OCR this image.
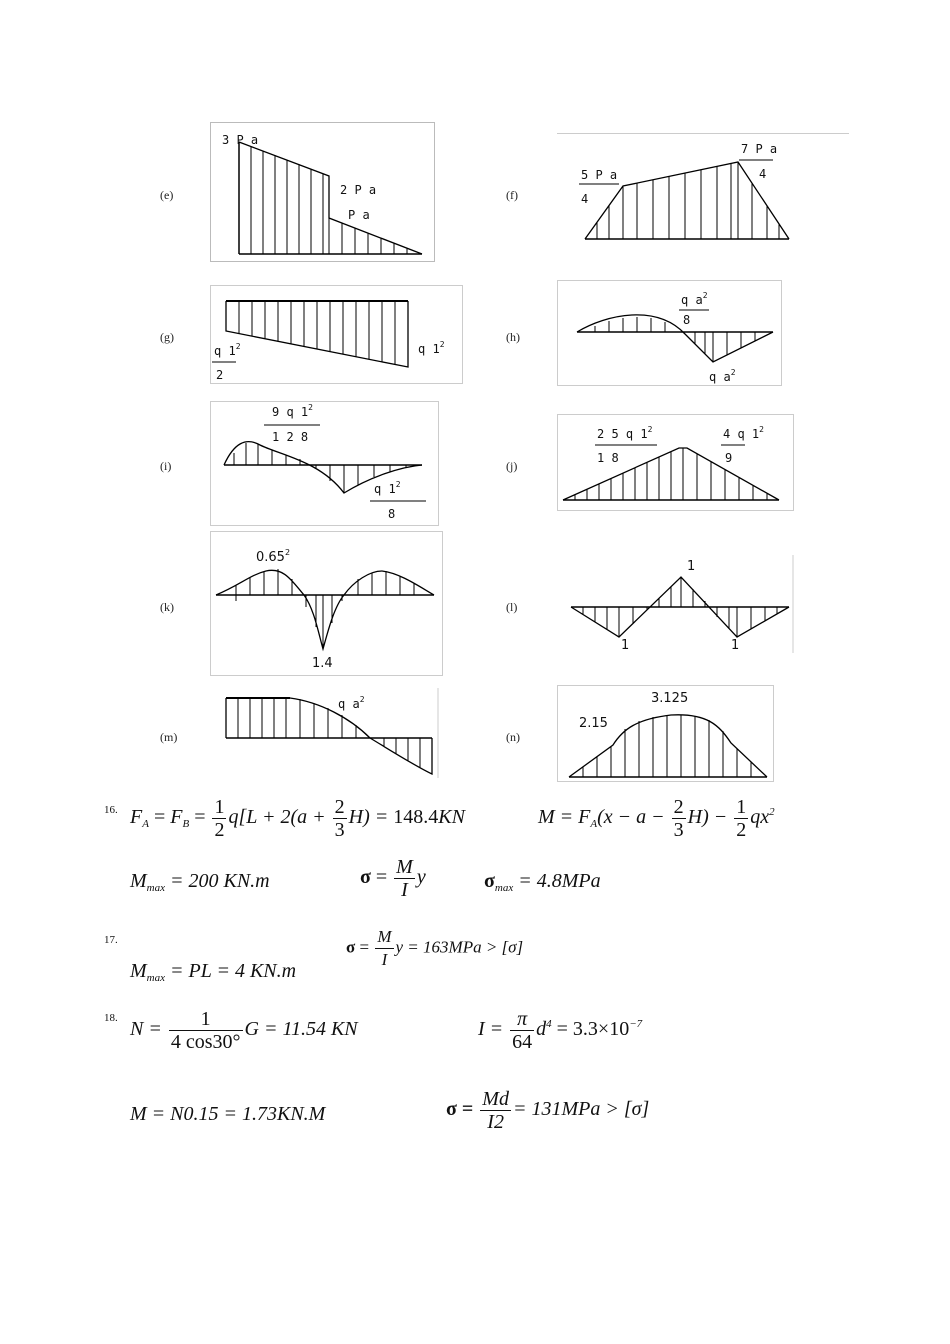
(e)
3 P a
2 P a
P a
(f)
5 P a
4
7 P a
4
(g)
q $1^2$
2
q $1^2$
(h)
q $a^2$
8
q $a^2$
(i)
9 q $1^2$
1 2 8
q $1^2$
8
(j)
2 5 q $1^2$
1 8
4 q $1^2$
9
(k)
0.65$^2$
1.4
(l)
1
1	1
(m)
q $a^2$
(n)
3.125
2.15
16. $F_A = F_B = \frac{1}{2} q[L + 2(a + \frac{2}{3} H) = 148.4KN$	$M = F_A(x - a - \frac{2}{3} H) - \frac{1}{2} qx^2$
$M_{max} = 200$ KN.m	$\sigma = \frac{M}{I}$ y	$\sigma_{max} = 4.8MPa$
17.	$\sigma = \frac{M}{I}$ y = 163MPa > [σ]
$M_{max}$ = PL = 4 KN.m
18.
$N = \frac{1}{4 \cos 30^\circ}$ G = 11.54 KN	$I = \frac{\pi}{64} d^4 = 3.3\times 10^{-7}$
M = N0.15 = 1.73KN.M	$\sigma = \frac{Md}{I2} = 131MPa > [\sigma]$
